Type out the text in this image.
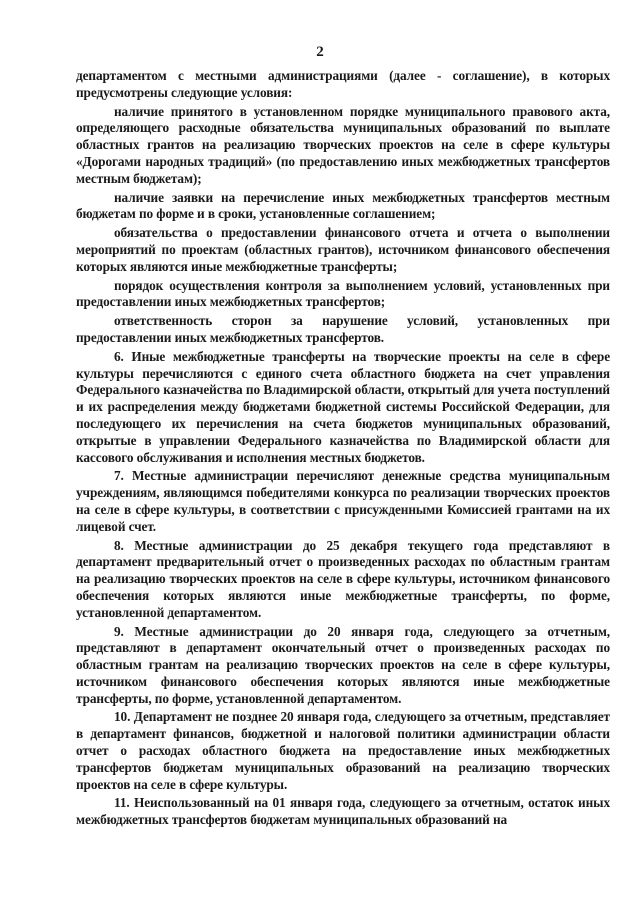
2

департаментом с местными администрациями (далее - соглашение), в которых предусмотрены следующие условия:

наличие принятого в установленном порядке муниципального правового акта, определяющего расходные обязательства муниципальных образований по выплате областных грантов на реализацию творческих проектов на селе в сфере культуры «Дорогами народных традиций» (по предоставлению иных межбюджетных трансфертов местным бюджетам);

наличие заявки на перечисление иных межбюджетных трансфертов местным бюджетам по форме и в сроки, установленные соглашением;

обязательства о предоставлении финансового отчета и отчета о выполнении мероприятий по проектам (областных грантов), источником финансового обеспечения которых являются иные межбюджетные трансферты;

порядок осуществления контроля за выполнением условий, установленных при предоставлении иных межбюджетных трансфертов;

ответственность сторон за нарушение условий, установленных при предоставлении иных межбюджетных трансфертов.

6. Иные межбюджетные трансферты на творческие проекты на селе в сфере культуры перечисляются с единого счета областного бюджета на счет управления Федерального казначейства по Владимирской области, открытый для учета поступлений и их распределения между бюджетами бюджетной системы Российской Федерации, для последующего их перечисления на счета бюджетов муниципальных образований, открытые в управлении Федерального казначейства по Владимирской области для кассового обслуживания и исполнения местных бюджетов.

7. Местные администрации перечисляют денежные средства муниципальным учреждениям, являющимся победителями конкурса по реализации творческих проектов на селе в сфере культуры, в соответствии с присужденными Комиссией грантами на их лицевой счет.

8. Местные администрации до 25 декабря текущего года представляют в департамент предварительный отчет о произведенных расходах по областным грантам на реализацию творческих проектов на селе в сфере культуры, источником финансового обеспечения которых являются иные межбюджетные трансферты, по форме, установленной департаментом.

9. Местные администрации до 20 января года, следующего за отчетным, представляют в департамент окончательный отчет о произведенных расходах по областным грантам на реализацию творческих проектов на селе в сфере культуры, источником финансового обеспечения которых являются иные межбюджетные трансферты, по форме, установленной департаментом.

10. Департамент не позднее 20 января года, следующего за отчетным, представляет в департамент финансов, бюджетной и налоговой политики администрации области отчет о расходах областного бюджета на предоставление иных межбюджетных трансфертов бюджетам муниципальных образований на реализацию творческих проектов на селе в сфере культуры.

11. Неиспользованный на 01 января года, следующего за отчетным, остаток иных межбюджетных трансфертов бюджетам муниципальных образований на
